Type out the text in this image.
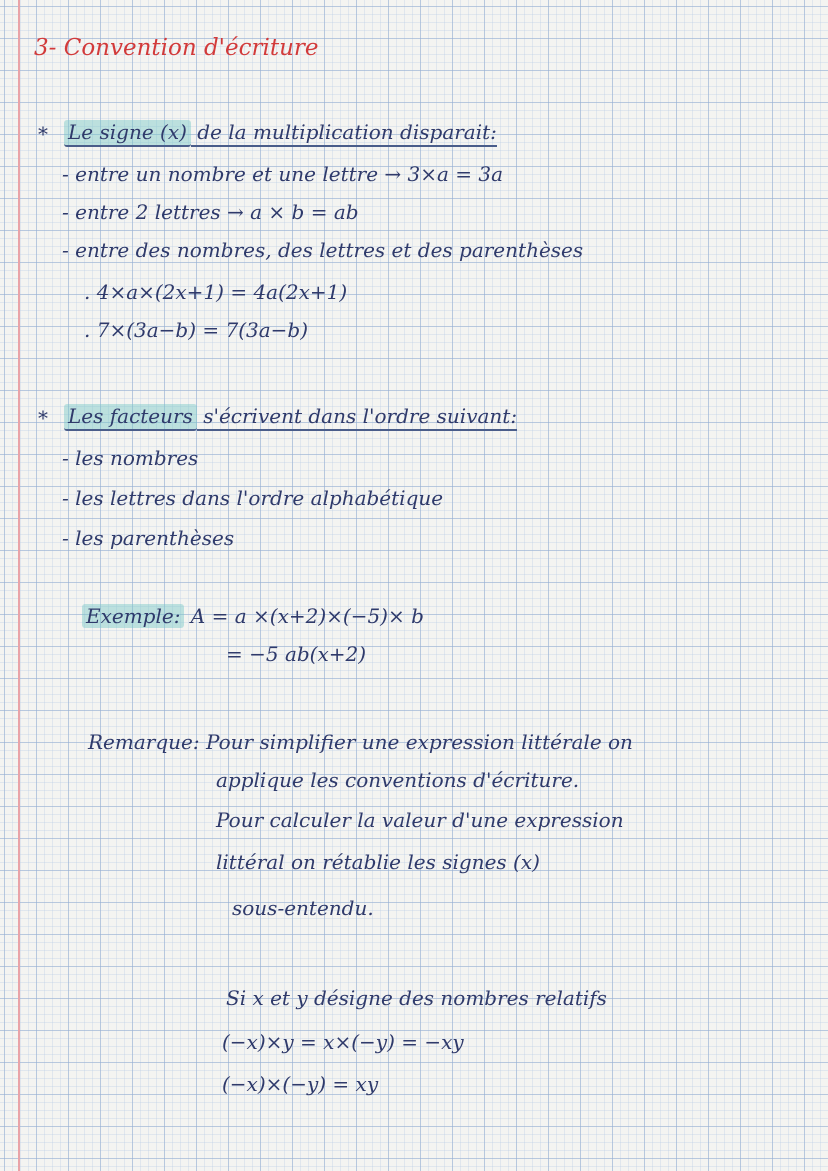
3- Convention d'écriture
* Le signe (x) de la multiplication disparait:
- entre un nombre et une lettre → 3×a = 3a
- entre 2 lettres → a × b = ab
- entre des nombres, des lettres et des parenthèses
. 4×a×(2x+1) = 4a(2x+1)
. 7×(3a−b) = 7(3a−b)
* Les facteurs s'écrivent dans l'ordre suivant:
- les nombres
- les lettres dans l'ordre alphabétique
- les parenthèses
Exemple: A = a ×(x+2)×(−5)× b
= −5 ab(x+2)
Remarque: Pour simplifier une expression littérale on
applique les conventions d'écriture.
Pour calculer la valeur d'une expression
littéral on rétablie les signes (x)
sous-entendu.
Si x et y désigne des nombres relatifs
(−x)×y = x×(−y) = −xy
(−x)×(−y) = xy
